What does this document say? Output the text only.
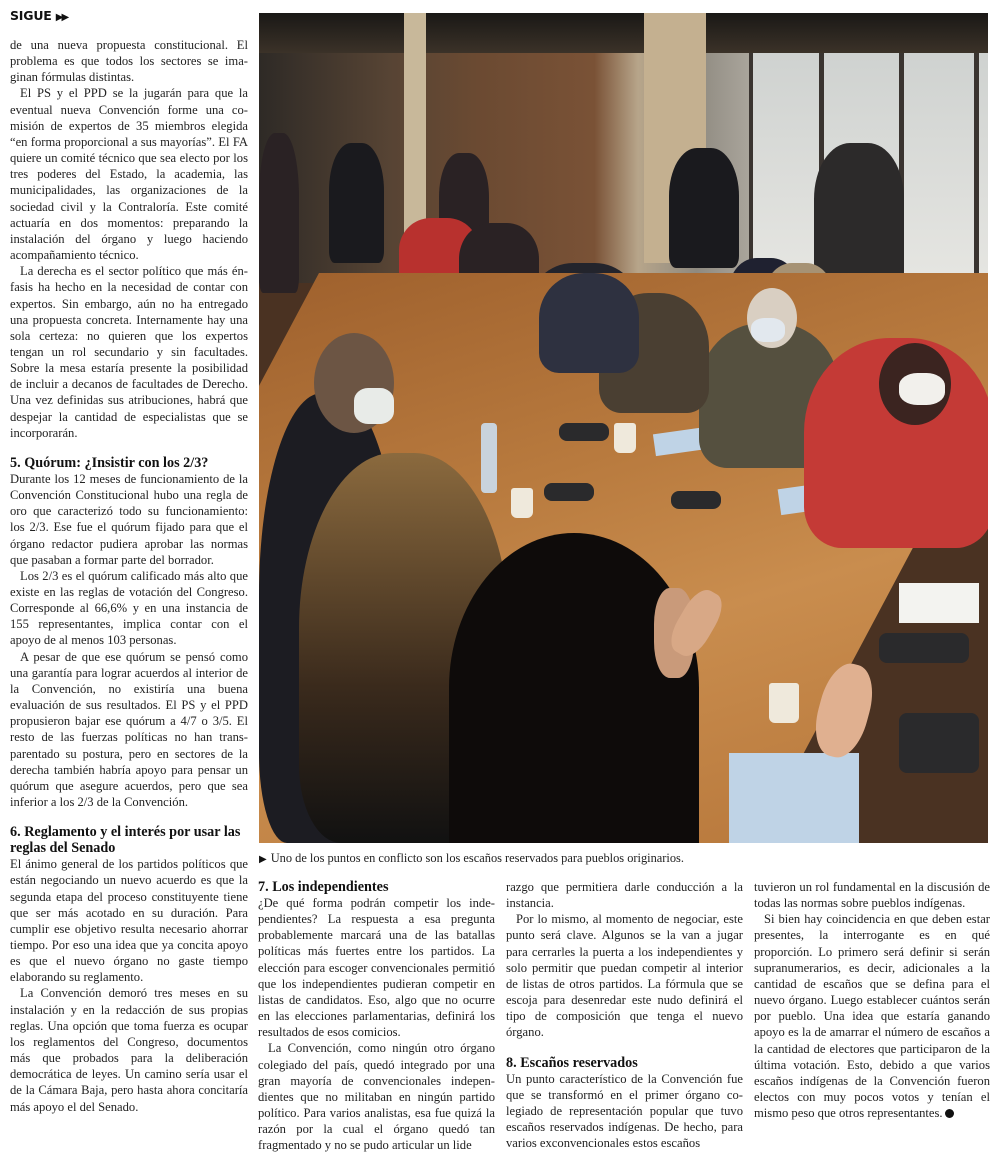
SIGUE ▶▶

de una nueva propuesta constitucional. El problema es que todos los sectores se imaginan fórmulas distintas.

El PS y el PPD se la jugarán para que la eventual nueva Convención forme una comisión de expertos de 35 miembros elegida “en forma proporcional a sus mayorías”. El FA quiere un comité técnico que sea electo por los tres poderes del Estado, la academia, las municipalidades, las organizaciones de la sociedad civil y la Contraloría. Este comité actuaría en dos momentos: preparando la instalación del órgano y luego haciendo acompañamiento técnico.

La derecha es el sector político que más énfasis ha hecho en la necesidad de contar con expertos. Sin embargo, aún no ha entregado una propuesta concreta. Internamente hay una sola certeza: no quieren que los expertos tengan un rol secundario y sin facultades. Sobre la mesa estaría presente la posibilidad de incluir a decanos de facultades de Derecho. Una vez definidas sus atribuciones, habrá que despejar la cantidad de especialistas que se incorporarán.

5. Quórum: ¿Insistir con los 2/3?

Durante los 12 meses de funcionamiento de la Convención Constitucional hubo una regla de oro que caracterizó todo su funcionamiento: los 2/3. Ese fue el quórum fijado para que el órgano redactor pudiera aprobar las normas que pasaban a formar parte del borrador.

Los 2/3 es el quórum calificado más alto que existe en las reglas de votación del Congreso. Corresponde al 66,6% y en una instancia de 155 representantes, implica contar con el apoyo de al menos 103 personas.

A pesar de que ese quórum se pensó como una garantía para lograr acuerdos al interior de la Convención, no existiría una buena evaluación de sus resultados. El PS y el PPD propusieron bajar ese quórum a 4/7 o 3/5. El resto de las fuerzas políticas no han transparentado su postura, pero en sectores de la derecha también habría apoyo para pensar un quórum que asegure acuerdos, pero que sea inferior a los 2/3 de la Convención.

6. Reglamento y el interés por usar las reglas del Senado

El ánimo general de los partidos políticos que están negociando un nuevo acuerdo es que la segunda etapa del proceso constituyente tiene que ser más acotado en su duración. Para cumplir ese objetivo resulta necesario ahorrar tiempo. Por eso una idea que ya concita apoyo es que el nuevo órgano no gaste tiempo elaborando su reglamento.

La Convención demoró tres meses en su instalación y en la redacción de sus propias reglas. Una opción que toma fuerza es ocupar los reglamentos del Congreso, documentos más que probados para la deliberación democrática de leyes. Un camino sería usar el de la Cámara Baja, pero hasta ahora concitaría más apoyo el del Senado.

▶ Uno de los puntos en conflicto son los escaños reservados para pueblos originarios.
7. Los independientes

¿De qué forma podrán competir los independientes? La respuesta a esa pregunta probablemente marcará una de las batallas políticas más fuertes entre los partidos. La elección para escoger convencionales permitió que los independientes pudieran competir en listas de candidatos. Eso, algo que no ocurre en las elecciones parlamentarias, definirá los resultados de esos comicios.

La Convención, como ningún otro órgano colegiado del país, quedó integrado por una gran mayoría de convencionales independientes que no militaban en ningún partido político. Para varios analistas, esa fue quizá la razón por la cual el órgano quedó tan fragmentado y no se pudo articular un lide

razgo que permitiera darle conducción a la instancia.

Por lo mismo, al momento de negociar, este punto será clave. Algunos se la van a jugar para cerrarles la puerta a los independientes y solo permitir que puedan competir al interior de listas de otros partidos. La fórmula que se escoja para desenredar este nudo definirá el tipo de composición que tenga el nuevo órgano.

8. Escaños reservados

Un punto característico de la Convención fue que se transformó en el primer órgano colegiado de representación popular que tuvo escaños reservados indígenas. De hecho, para varios exconvencionales estos escaños

tuvieron un rol fundamental en la discusión de todas las normas sobre pueblos indígenas.

Si bien hay coincidencia en que deben estar presentes, la interrogante es en qué proporción. Lo primero será definir si serán supranumerarios, es decir, adicionales a la cantidad de escaños que se defina para el nuevo órgano. Luego establecer cuántos serán por pueblo. Una idea que estaría ganando apoyo es la de amarrar el número de escaños a la cantidad de electores que participaron de la última votación. Esto, debido a que varios escaños indígenas de la Convención fueron electos con muy pocos votos y tenían el mismo peso que otros representantes.
